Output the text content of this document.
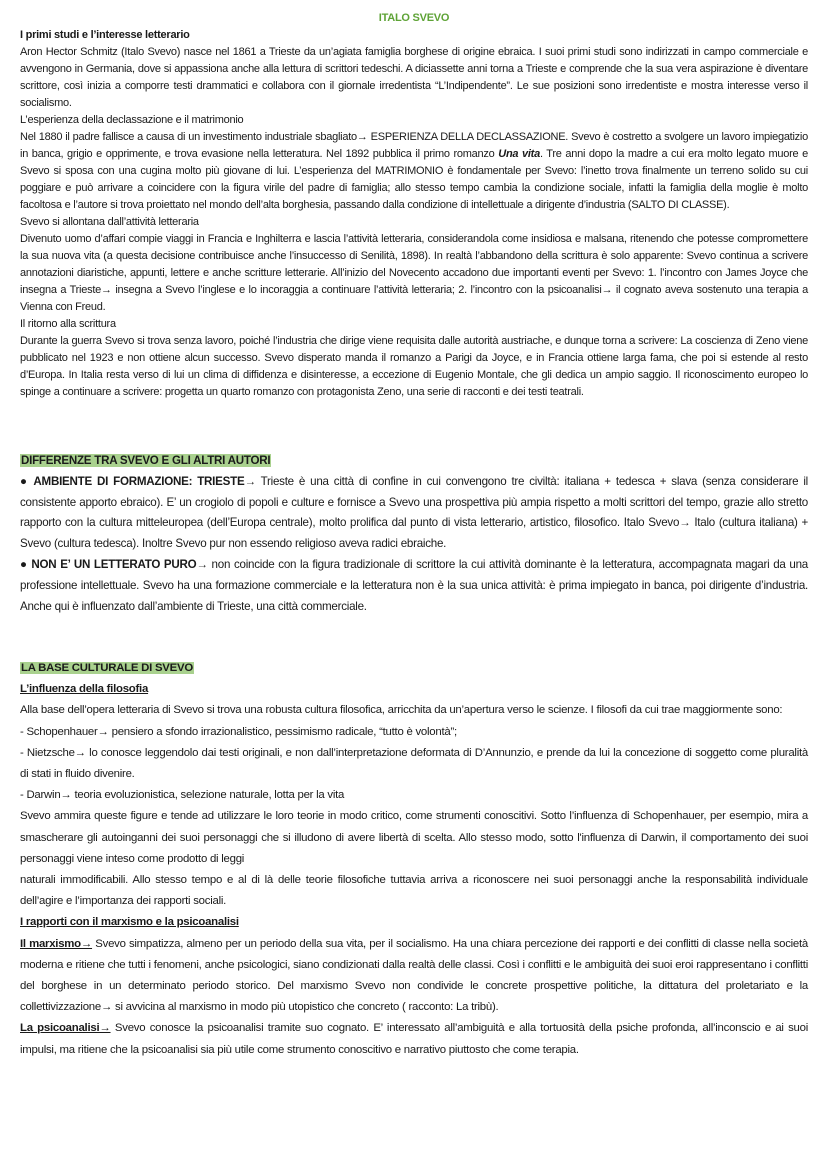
ITALO SVEVO

I primi studi e l’interesse letterario

Aron Hector Schmitz (Italo Svevo) nasce nel 1861 a Trieste da un’agiata famiglia borghese di origine ebraica. I suoi primi studi sono indirizzati in campo commerciale e avvengono in Germania, dove si appassiona anche alla lettura di scrittori tedeschi. A diciassette anni torna a Trieste e comprende che la sua vera aspirazione è diventare scrittore, così inizia a comporre testi drammatici e collabora con il giornale irredentista “L’Indipendente”. Le sue posizioni sono irredentiste e mostra interesse verso il socialismo.

L’esperienza della declassazione e il matrimonio

Nel 1880 il padre fallisce a causa di un investimento industriale sbagliato→ ESPERIENZA DELLA DECLASSAZIONE. Svevo è costretto a svolgere un lavoro impiegatizio in banca, grigio e opprimente, e trova evasione nella letteratura. Nel 1892 pubblica il primo romanzo Una vita. Tre anni dopo la madre a cui era molto legato muore e Svevo si sposa con una cugina molto più giovane di lui. L’esperienza del MATRIMONIO è fondamentale per Svevo: l’inetto trova finalmente un terreno solido su cui poggiare e può arrivare a coincidere con la figura virile del padre di famiglia; allo stesso tempo cambia la condizione sociale, infatti la famiglia della moglie è molto facoltosa e l’autore si trova proiettato nel mondo dell’alta borghesia, passando dalla condizione di intellettuale a dirigente d’industria (SALTO DI CLASSE).

Svevo si allontana dall’attività letteraria

Divenuto uomo d’affari compie viaggi in Francia e Inghilterra e lascia l’attività letteraria, considerandola come insidiosa e malsana, ritenendo che potesse compromettere la sua nuova vita (a questa decisione contribuisce anche l’insuccesso di Senilità, 1898). In realtà l’abbandono della scrittura è solo apparente: Svevo continua a scrivere annotazioni diaristiche, appunti, lettere e anche scritture letterarie. All’inizio del Novecento accadono due importanti eventi per Svevo: 1. l’incontro con James Joyce che insegna a Trieste→ insegna a Svevo l’inglese e lo incoraggia a continuare l’attività letteraria; 2. l’incontro con la psicoanalisi→ il cognato aveva sostenuto una terapia a Vienna con Freud.

Il ritorno alla scrittura

Durante la guerra Svevo si trova senza lavoro, poiché l’industria che dirige viene requisita dalle autorità austriache, e dunque torna a scrivere: La coscienza di Zeno viene pubblicato nel 1923 e non ottiene alcun successo. Svevo disperato manda il romanzo a Parigi da Joyce, e in Francia ottiene larga fama, che poi si estende al resto d’Europa. In Italia resta verso di lui un clima di diffidenza e disinteresse, a eccezione di Eugenio Montale, che gli dedica un ampio saggio. Il riconoscimento europeo lo spinge a continuare a scrivere: progetta un quarto romanzo con protagonista Zeno, una serie di racconti e dei testi teatrali.

DIFFERENZE TRA SVEVO E GLI ALTRI AUTORI

● AMBIENTE DI FORMAZIONE: TRIESTE→ Trieste è una città di confine in cui convengono tre civiltà: italiana + tedesca + slava (senza considerare il consistente apporto ebraico). E’ un crogiolo di popoli e culture e fornisce a Svevo una prospettiva più ampia rispetto a molti scrittori del tempo, grazie allo stretto rapporto con la cultura mitteleuropea (dell’Europa centrale), molto prolifica dal punto di vista letterario, artistico, filosofico. Italo Svevo→ Italo (cultura italiana) + Svevo (cultura tedesca). Inoltre Svevo pur non essendo religioso aveva radici ebraiche.

● NON E’ UN LETTERATO PURO→ non coincide con la figura tradizionale di scrittore la cui attività dominante è la letteratura, accompagnata magari da una professione intellettuale. Svevo ha una formazione commerciale e la letteratura non è la sua unica attività: è prima impiegato in banca, poi dirigente d’industria. Anche qui è influenzato dall’ambiente di Trieste, una città commerciale.

LA BASE CULTURALE DI SVEVO

L’influenza della filosofia

Alla base dell’opera letteraria di Svevo si trova una robusta cultura filosofica, arricchita da un’apertura verso le scienze. I filosofi da cui trae maggiormente sono:

- Schopenhauer→ pensiero a sfondo irrazionalistico, pessimismo radicale, “tutto è volontà”;

- Nietzsche→ lo conosce leggendolo dai testi originali, e non dall’interpretazione deformata di D’Annunzio, e prende da lui la concezione di soggetto come pluralità di stati in fluido divenire.

- Darwin→ teoria evoluzionistica, selezione naturale, lotta per la vita

Svevo ammira queste figure e tende ad utilizzare le loro teorie in modo critico, come strumenti conoscitivi. Sotto l’influenza di Schopenhauer, per esempio, mira a smascherare gli autoinganni dei suoi personaggi che si illudono di avere libertà di scelta. Allo stesso modo, sotto l'influenza di Darwin, il comportamento dei suoi personaggi viene inteso come prodotto di leggi

naturali immodificabili. Allo stesso tempo e al di là delle teorie filosofiche tuttavia arriva a riconoscere nei suoi personaggi anche la responsabilità individuale dell’agire e l’importanza dei rapporti sociali.

I rapporti con il marxismo e la psicoanalisi

Il marxismo→ Svevo simpatizza, almeno per un periodo della sua vita, per il socialismo. Ha una chiara percezione dei rapporti e dei conflitti di classe nella società moderna e ritiene che tutti i fenomeni, anche psicologici, siano condizionati dalla realtà delle classi. Così i conflitti e le ambiguità dei suoi eroi rappresentano i conflitti del borghese in un determinato periodo storico. Del marxismo Svevo non condivide le concrete prospettive politiche, la dittatura del proletariato e la collettivizzazione→ si avvicina al marxismo in modo più utopistico che concreto ( racconto: La tribù).

La psicoanalisi→ Svevo conosce la psicoanalisi tramite suo cognato. E’ interessato all’ambiguità e alla tortuosità della psiche profonda, all’inconscio e ai suoi impulsi, ma ritiene che la psicoanalisi sia più utile come strumento conoscitivo e narrativo piuttosto che come terapia.
